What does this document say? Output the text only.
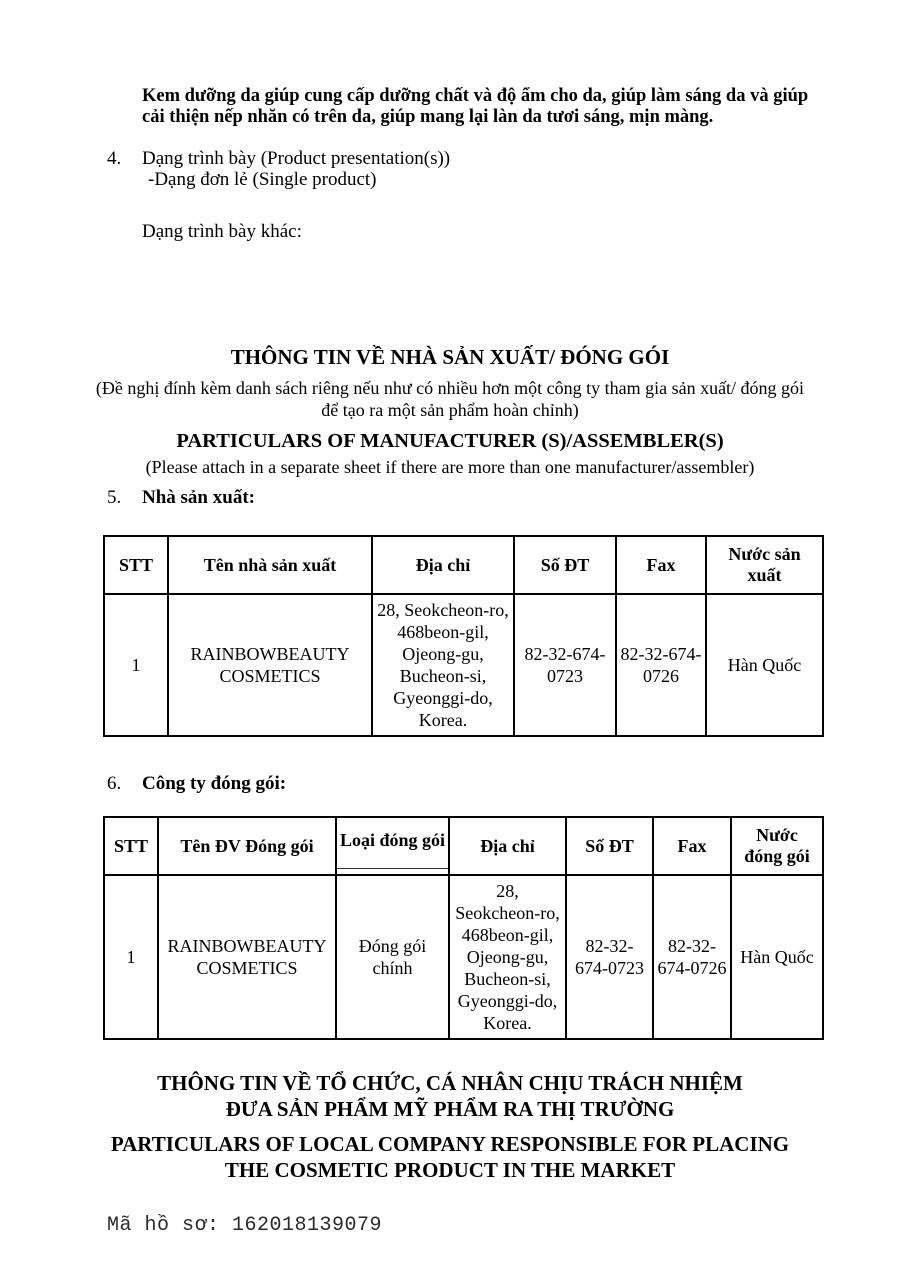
Kem dưỡng da giúp cung cấp dưỡng chất và độ ẩm cho da, giúp làm sáng da và giúp cải thiện nếp nhăn có trên da, giúp mang lại làn da tươi sáng, mịn màng.

4. Dạng trình bày (Product presentation(s))
-Dạng đơn lẻ (Single product)
Dạng trình bày khác:
THÔNG TIN VỀ NHÀ SẢN XUẤT/ ĐÓNG GÓI
(Đề nghị đính kèm danh sách riêng nếu như có nhiều hơn một công ty tham gia sản xuất/ đóng gói để tạo ra một sản phẩm hoàn chỉnh)
PARTICULARS OF MANUFACTURER (S)/ASSEMBLER(S)
(Please attach in a separate sheet if there are more than one manufacturer/assembler)
5. Nhà sản xuất:
STT	Tên nhà sản xuất	Địa chỉ	Số ĐT	Fax	Nước sản xuất
1	RAINBOWBEAUTY COSMETICS	28, Seokcheon-ro, 468beon-gil, Ojeong-gu, Bucheon-si, Gyeonggi-do, Korea.	82-32-674-0723	82-32-674-0726	Hàn Quốc
6. Công ty đóng gói:
STT	Tên ĐV Đóng gói	Loại đóng gói	Địa chỉ	Số ĐT	Fax	Nước đóng gói
1	RAINBOWBEAUTY COSMETICS	Đóng gói chính	28, Seokcheon-ro, 468beon-gil, Ojeong-gu, Bucheon-si, Gyeonggi-do, Korea.	82-32-674-0723	82-32-674-0726	Hàn Quốc
THÔNG TIN VỀ TỔ CHỨC, CÁ NHÂN CHỊU TRÁCH NHIỆM
ĐƯA SẢN PHẨM MỸ PHẨM RA THỊ TRƯỜNG
PARTICULARS OF LOCAL COMPANY RESPONSIBLE FOR PLACING
THE COSMETIC PRODUCT IN THE MARKET
Mã hồ sơ: 162018139079
